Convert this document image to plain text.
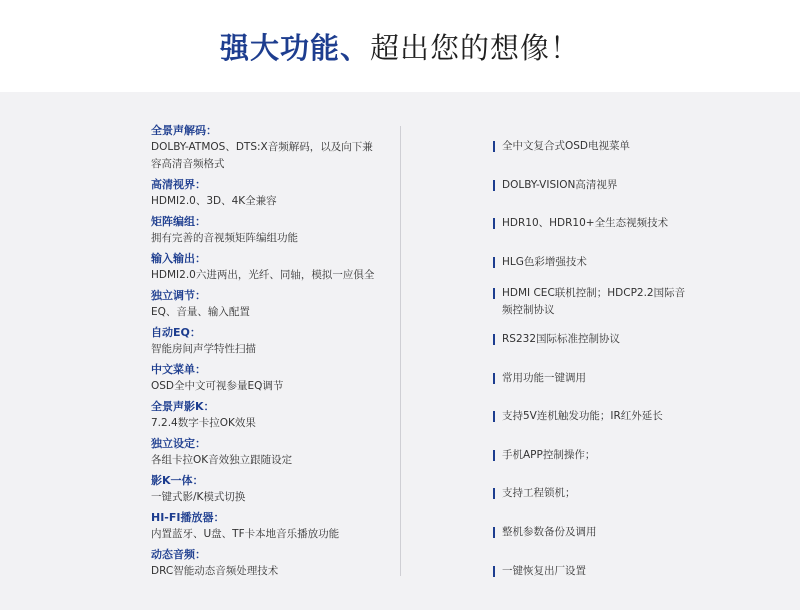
强大功能、超出您的想像！
全景声解码：
DOLBY-ATMOS、DTS:X音频解码，以及向下兼容高清音频格式
高清视界：
HDMI2.0、3D、4K全兼容
矩阵编组：
拥有完善的音视频矩阵编组功能
输入输出：
HDMI2.0六进两出，光纤、同轴，模拟一应俱全
独立调节：
EQ、音量、输入配置
自动EQ：
智能房间声学特性扫描
中文菜单：
OSD全中文可视参量EQ调节
全景声影K：
7.2.4数字卡拉OK效果
独立设定：
各组卡拉OK音效独立跟随设定
影K一体：
一键式影/K模式切换
HI-FI播放器：
内置蓝牙、U盘、TF卡本地音乐播放功能
动态音频：
DRC智能动态音频处理技术
全中文复合式OSD电视菜单
DOLBY-VISION高清视界
HDR10、HDR10+全生态视频技术
HLG色彩增强技术
HDMI CEC联机控制；HDCP2.2国际音频控制协议
RS232国际标准控制协议
常用功能一键调用
支持5V连机触发功能；IR红外延长
手机APP控制操作；
支持工程锁机；
整机参数备份及调用
一键恢复出厂设置
